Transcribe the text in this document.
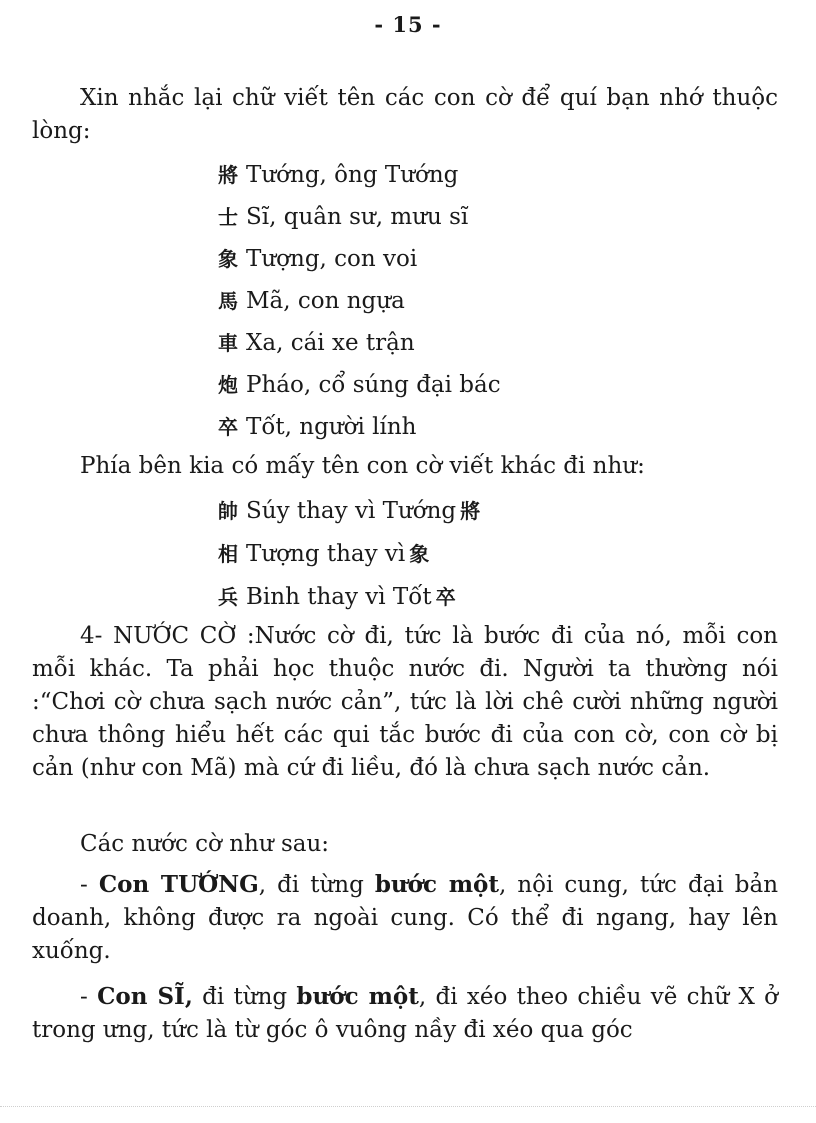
- 15 -

Xin nhắc lại chữ viết tên các con cờ để quí bạn nhớ thuộc lòng:

將 Tướng, ông Tướng
士 Sĩ, quân sư, mưu sĩ
象 Tượng, con voi
馬 Mã, con ngựa
車 Xa, cái xe trận
炮 Pháo, cổ súng đại bác
卒 Tốt, người lính

Phía bên kia có mấy tên con cờ viết khác đi như:

帥 Súy thay vì Tướng 將
相 Tượng thay vì 象
兵 Binh thay vì Tốt 卒

4- NƯỚC CỜ :Nước cờ đi, tức là bước đi của nó, mỗi con mỗi khác. Ta phải học thuộc nước đi. Người ta thường nói :“Chơi cờ chưa sạch nước cản”, tức là lời chê cười những người chưa thông hiểu hết các qui tắc bước đi của con cờ, con cờ bị cản (như con Mã) mà cứ đi liều, đó là chưa sạch nước cản.

Các nước cờ như sau:

- Con TƯỚNG, đi từng bước một, nội cung, tức đại bản doanh, không được ra ngoài cung. Có thể đi ngang, hay lên xuống.

- Con SĨ, đi từng bước một, đi xéo theo chiều vẽ chữ X ở trong ưng, tức là từ góc ô vuông nầy đi xéo qua góc
